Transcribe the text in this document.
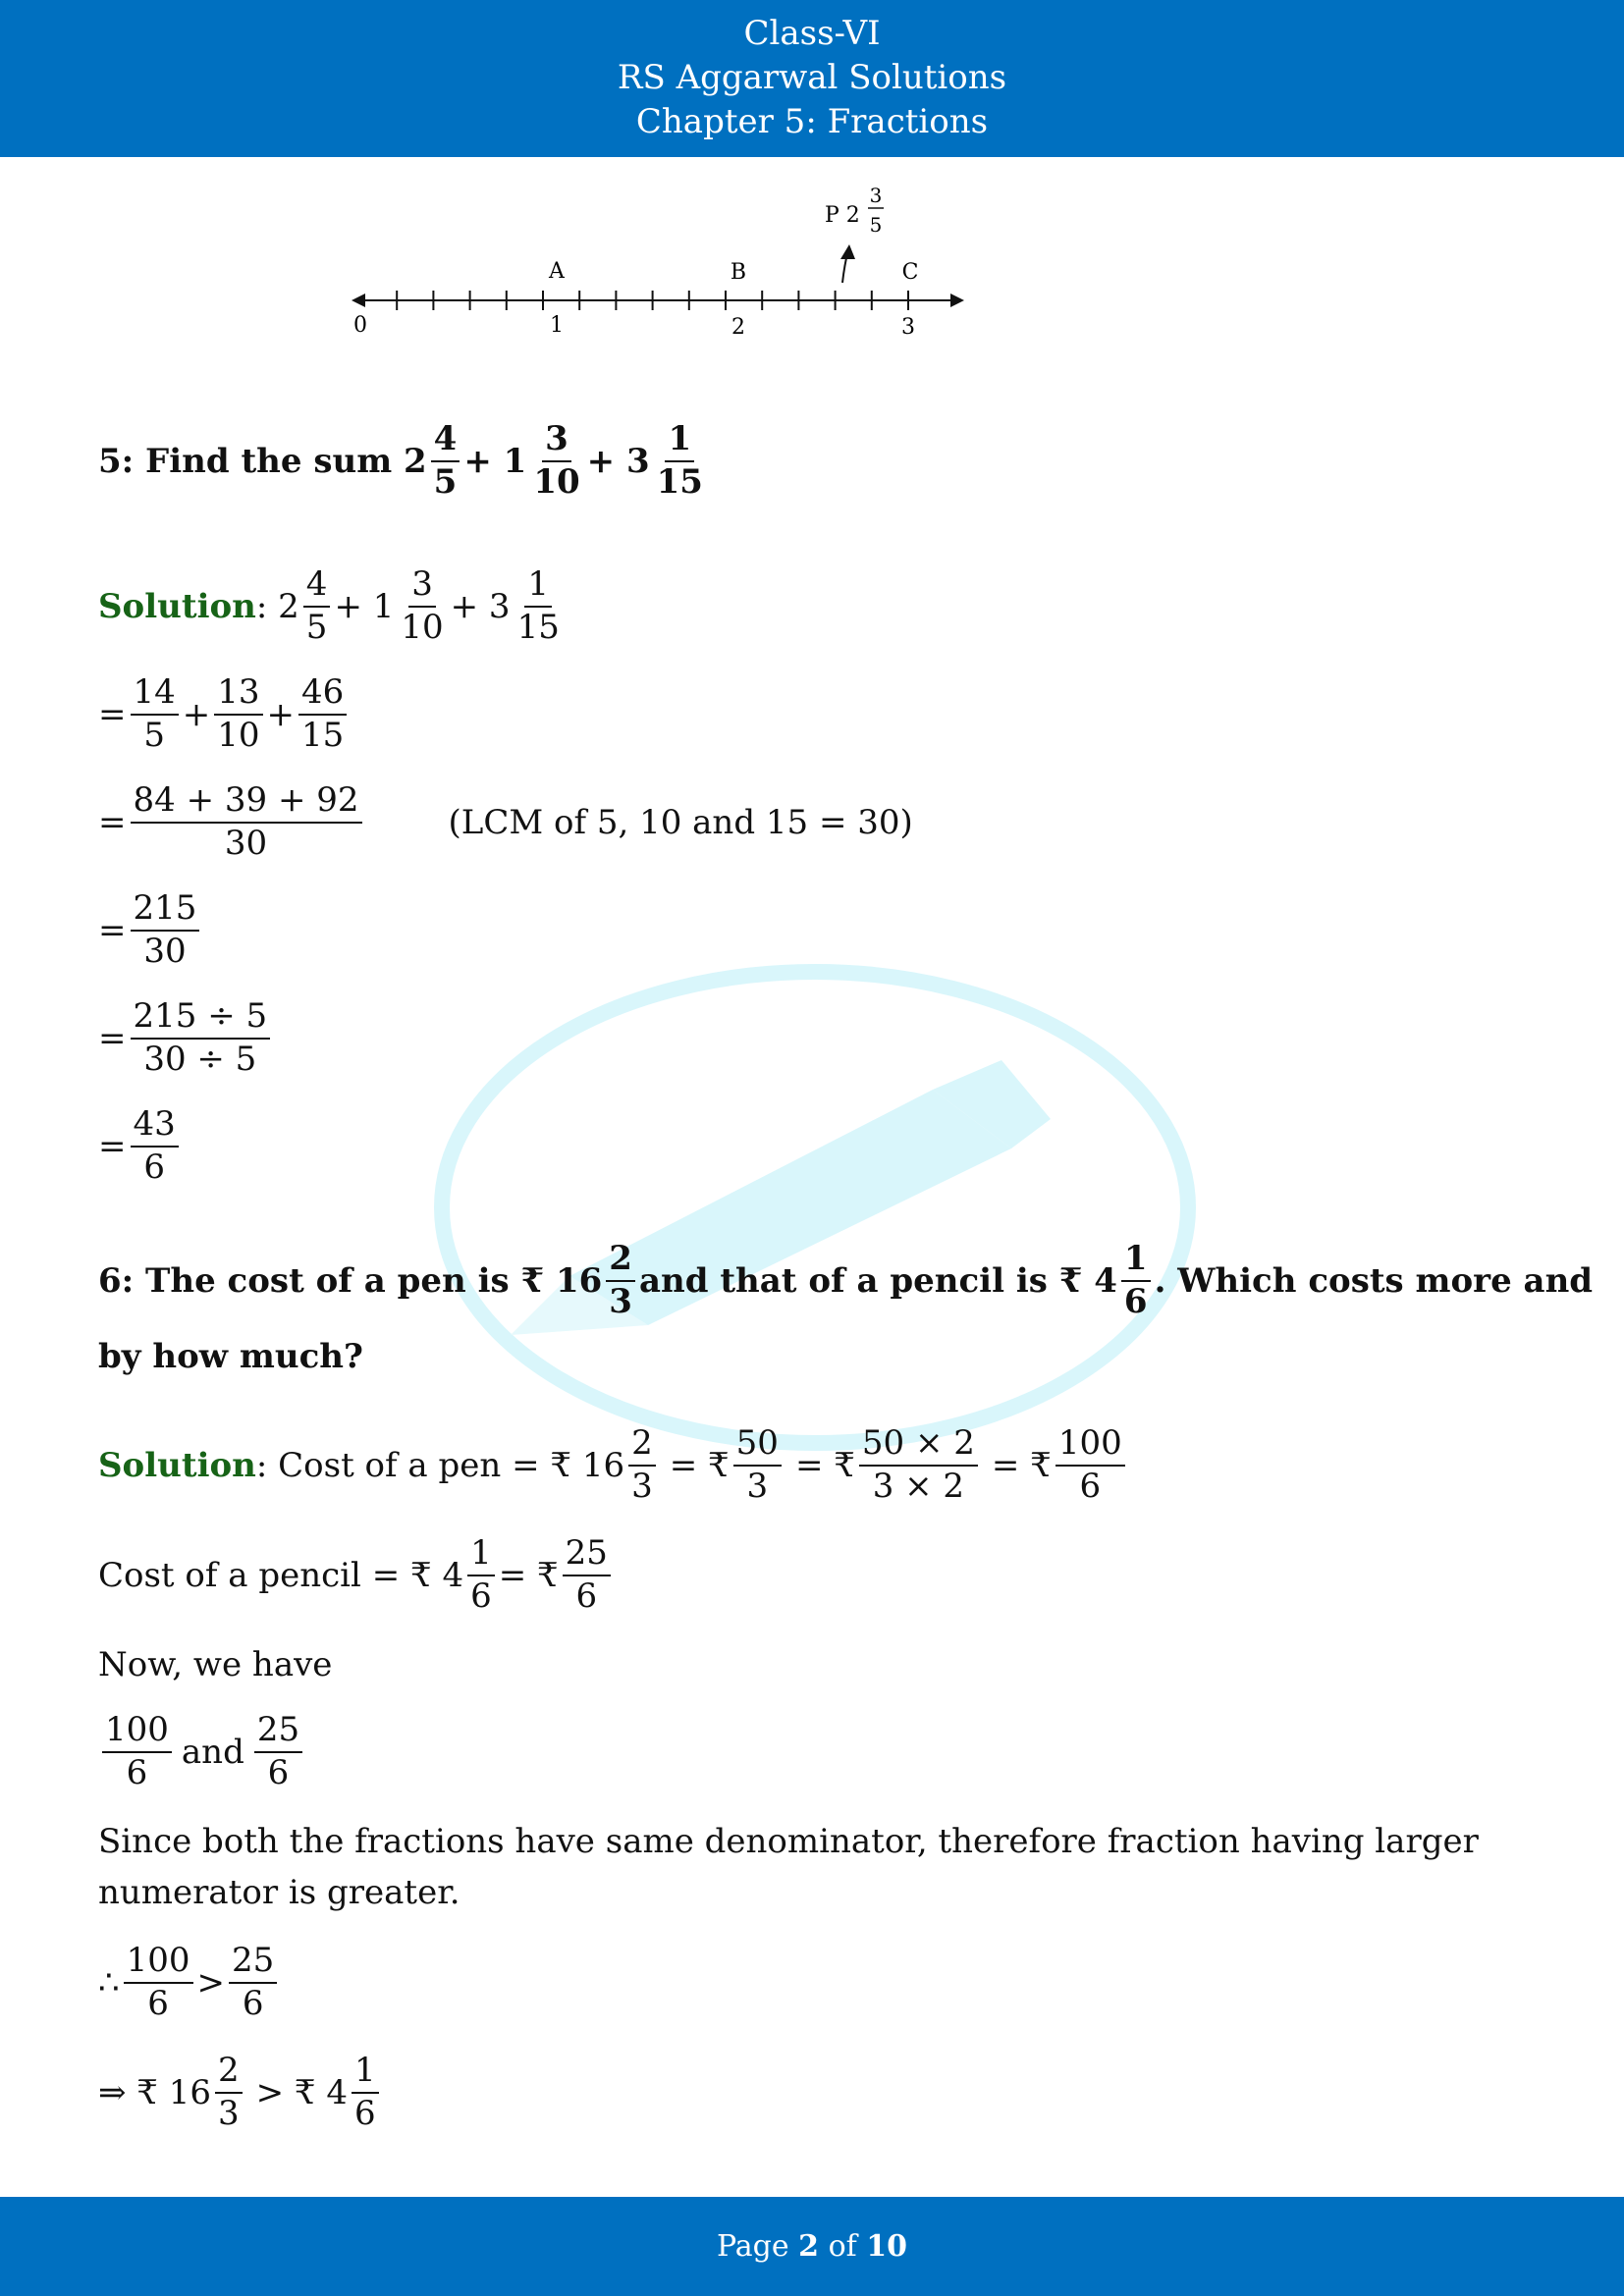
Class-VI
RS Aggarwal Solutions
Chapter 5: Fractions
0	1	2	3
A	B	C
P 2
3
5
5 : Find the sum $2 \frac{4}{5} + 1 \frac{3}{10} + 3 \frac{1}{15}$
Solution : $2 \frac{4}{5} + 1 \frac{3}{10} + 3 \frac{1}{15}$
= $\frac{14}{5} + \frac{13}{10} + \frac{46}{15}$
= $\frac{84 + 39 + 92}{30}$	(LCM of 5, 10 and 15 = 30)
= $\frac{215}{30}$
= $\frac{215 \div 5}{30 \div 5}$
= $\frac{43}{6}$
6 : The cost of a pen is ₹ $16 \frac{2}{3}$ and that of a pencil is ₹ $4 \frac{1}{6}$ . Which costs more and
by how much?
Solution : Cost of a pen = ₹ $16 \frac{2}{3}$ = ₹ $\frac{50}{3}$ = ₹ $\frac{50 \times 2}{3 \times 2}$ = ₹ $\frac{100}{6}$
Cost of a pencil = ₹ $4 \frac{1}{6}$ = ₹ $\frac{25}{6}$
Now, we have
$\frac{100}{6}$ and $\frac{25}{6}$
Since both the fractions have same denominator, therefore fraction having larger numerator is greater.
∴ $\frac{100}{6} > \frac{25}{6}$
⇒ ₹ $16 \frac{2}{3}$ > ₹ $4 \frac{1}{6}$
Page 2 of 10
